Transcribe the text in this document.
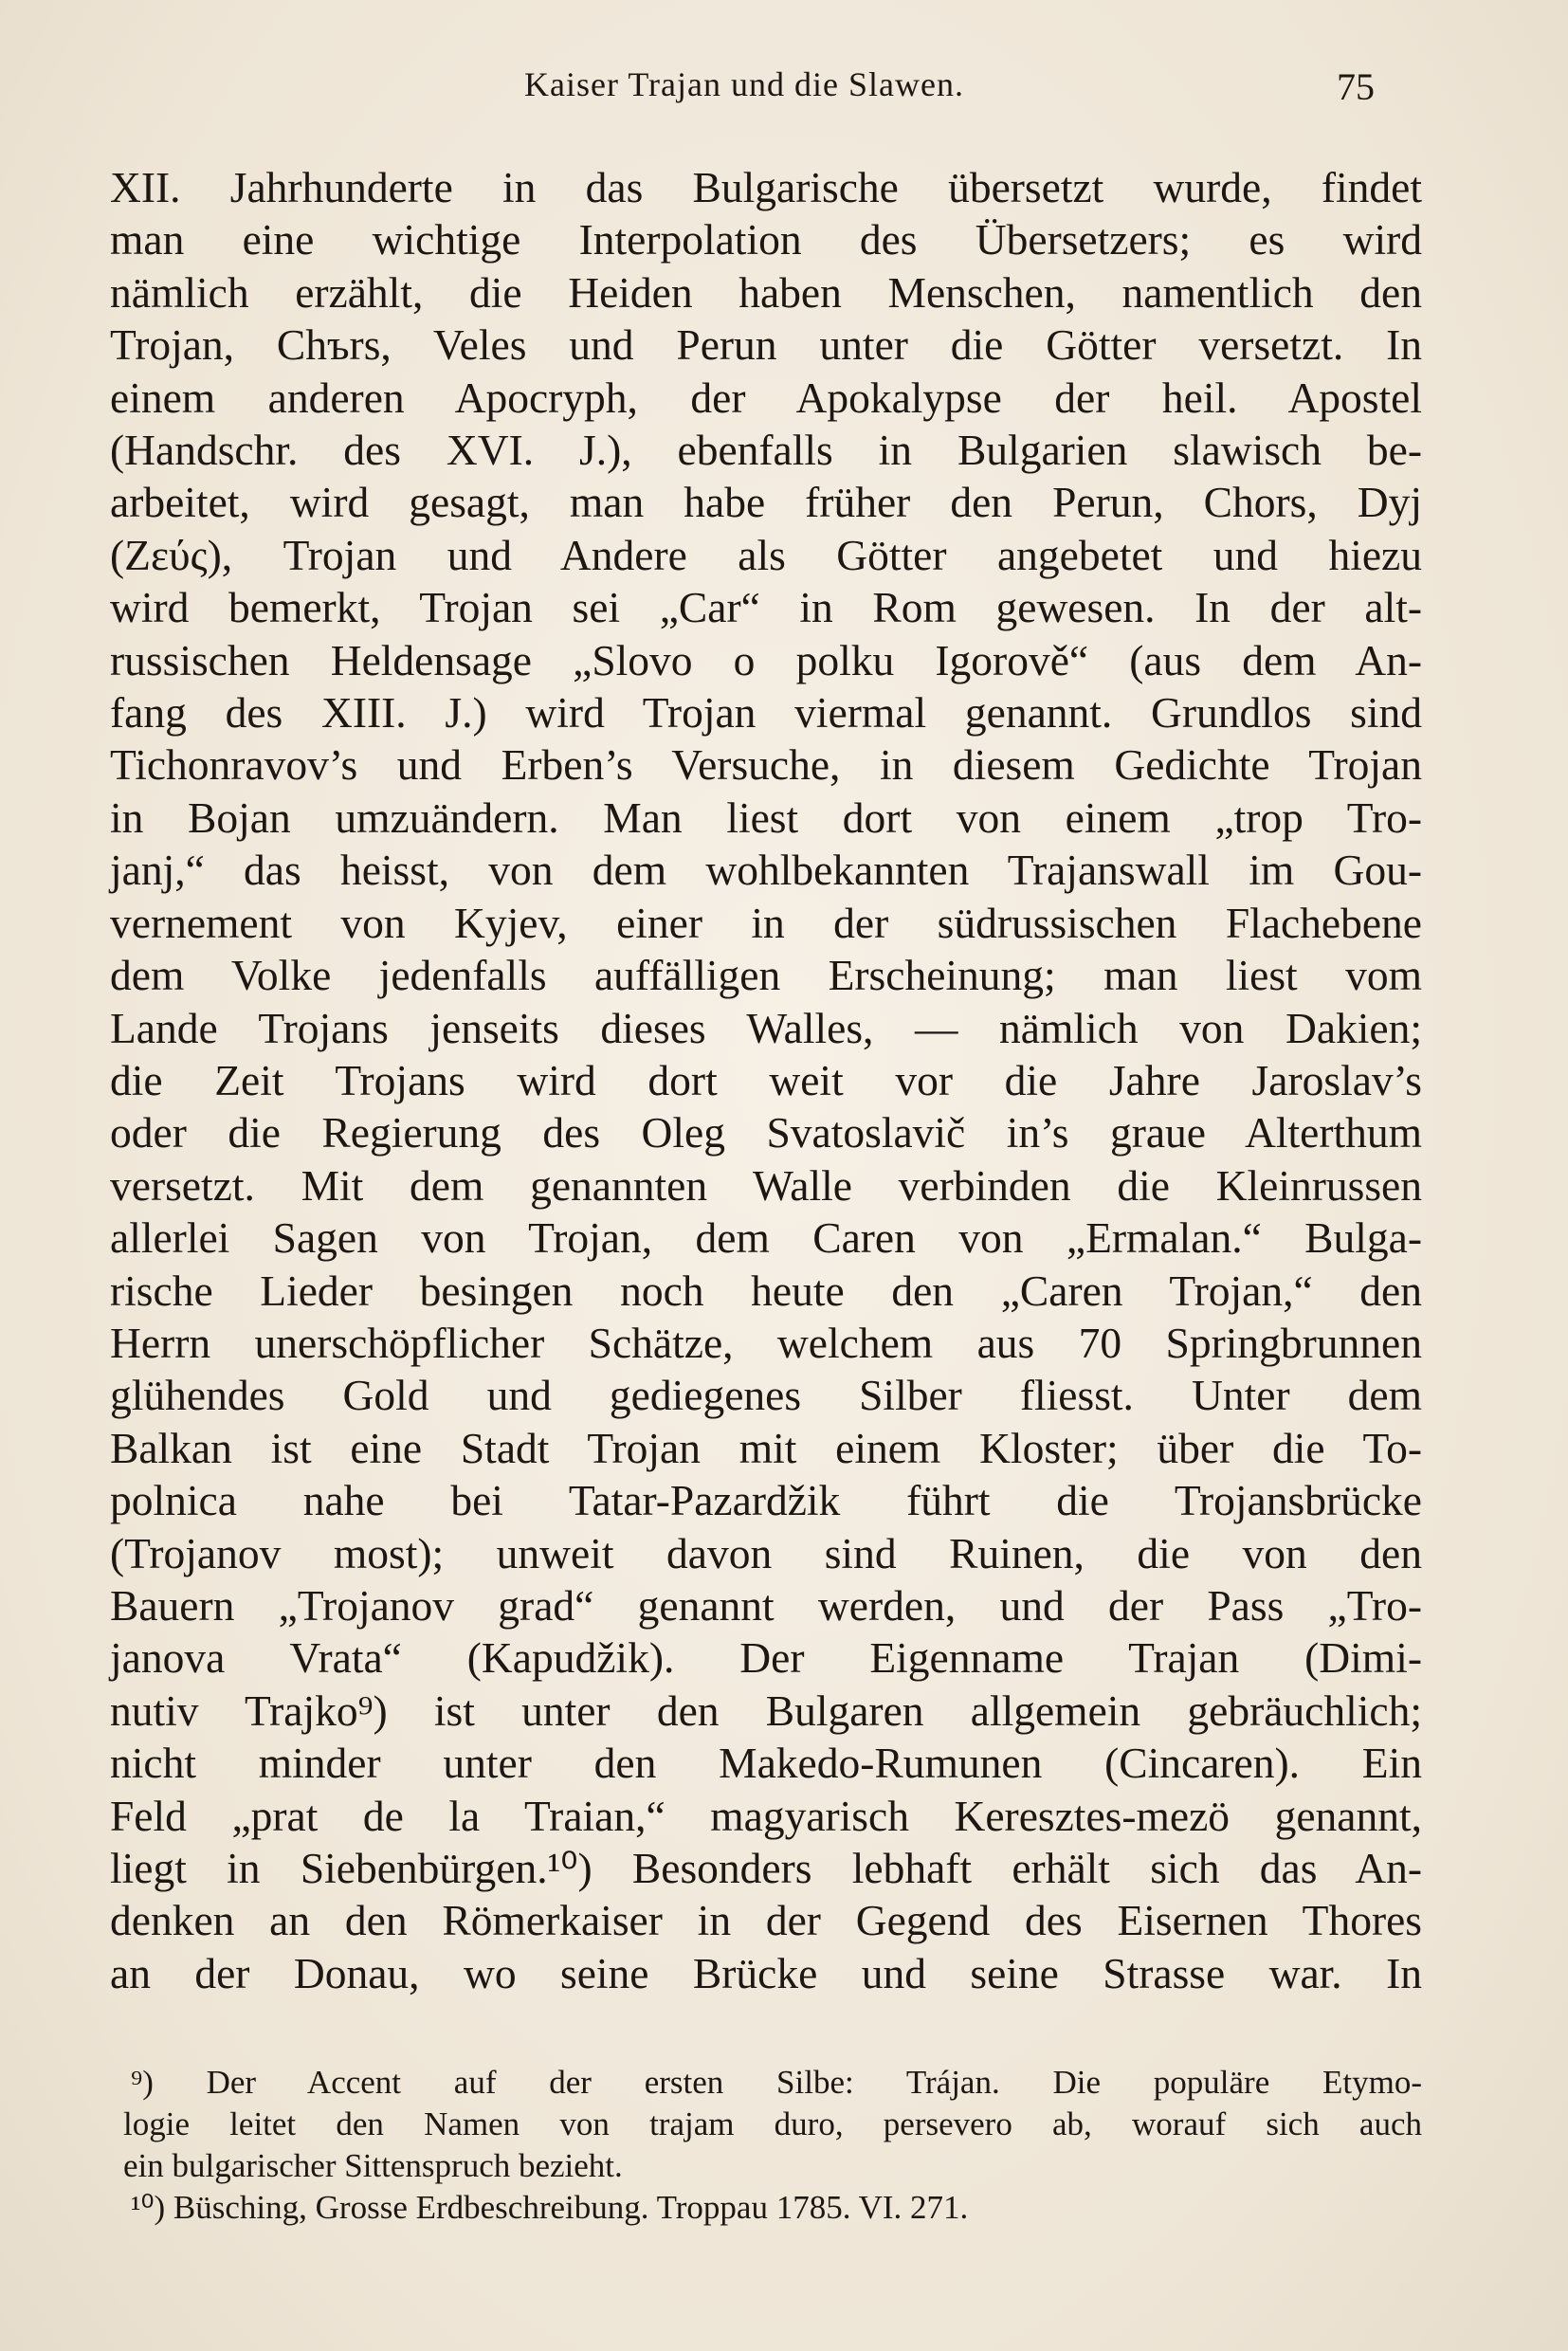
Kaiser Trajan und die Slawen.	75
XII. Jahrhunderte in das Bulgarische übersetzt wurde, findet
man eine wichtige Interpolation des Übersetzers; es wird
nämlich erzählt, die Heiden haben Menschen, namentlich den
Trojan, Chъrs, Veles und Perun unter die Götter versetzt. In
einem anderen Apocryph, der Apokalypse der heil. Apostel
(Handschr. des XVI. J.), ebenfalls in Bulgarien slawisch be-
arbeitet, wird gesagt, man habe früher den Perun, Chors, Dyj
(Ζεύς), Trojan und Andere als Götter angebetet und hiezu
wird bemerkt, Trojan sei „Car“ in Rom gewesen. In der alt-
russischen Heldensage „Slovo o polku Igorově“ (aus dem An-
fang des XIII. J.) wird Trojan viermal genannt. Grundlos sind
Tichonravov’s und Erben’s Versuche, in diesem Gedichte Trojan
in Bojan umzuändern. Man liest dort von einem „trop Tro-
janj,“ das heisst, von dem wohlbekannten Trajanswall im Gou-
vernement von Kyjev, einer in der südrussischen Flachebene
dem Volke jedenfalls auffälligen Erscheinung; man liest vom
Lande Trojans jenseits dieses Walles, — nämlich von Dakien;
die Zeit Trojans wird dort weit vor die Jahre Jaroslav’s
oder die Regierung des Oleg Svatoslavič in’s graue Alterthum
versetzt. Mit dem genannten Walle verbinden die Kleinrussen
allerlei Sagen von Trojan, dem Caren von „Ermalan.“ Bulga-
rische Lieder besingen noch heute den „Caren Trojan,“ den
Herrn unerschöpflicher Schätze, welchem aus 70 Springbrunnen
glühendes Gold und gediegenes Silber fliesst. Unter dem
Balkan ist eine Stadt Trojan mit einem Kloster; über die To-
polnica nahe bei Tatar-Pazardžik führt die Trojansbrücke
(Trojanov most); unweit davon sind Ruinen, die von den
Bauern „Trojanov grad“ genannt werden, und der Pass „Tro-
janova Vrata“ (Kapudžik). Der Eigenname Trajan (Dimi-
nutiv Trajko⁹) ist unter den Bulgaren allgemein gebräuchlich;
nicht minder unter den Makedo-Rumunen (Cincaren). Ein
Feld „prat de la Traian,“ magyarisch Keresztes-mezö genannt,
liegt in Siebenbürgen.¹⁰) Besonders lebhaft erhält sich das An-
denken an den Römerkaiser in der Gegend des Eisernen Thores
an der Donau, wo seine Brücke und seine Strasse war. In
⁹) Der Accent auf der ersten Silbe: Trájan. Die populäre Etymo-
logie leitet den Namen von trajam duro, persevero ab, worauf sich auch
ein bulgarischer Sittenspruch bezieht.
¹⁰) Büsching, Grosse Erdbeschreibung. Troppau 1785. VI. 271.
